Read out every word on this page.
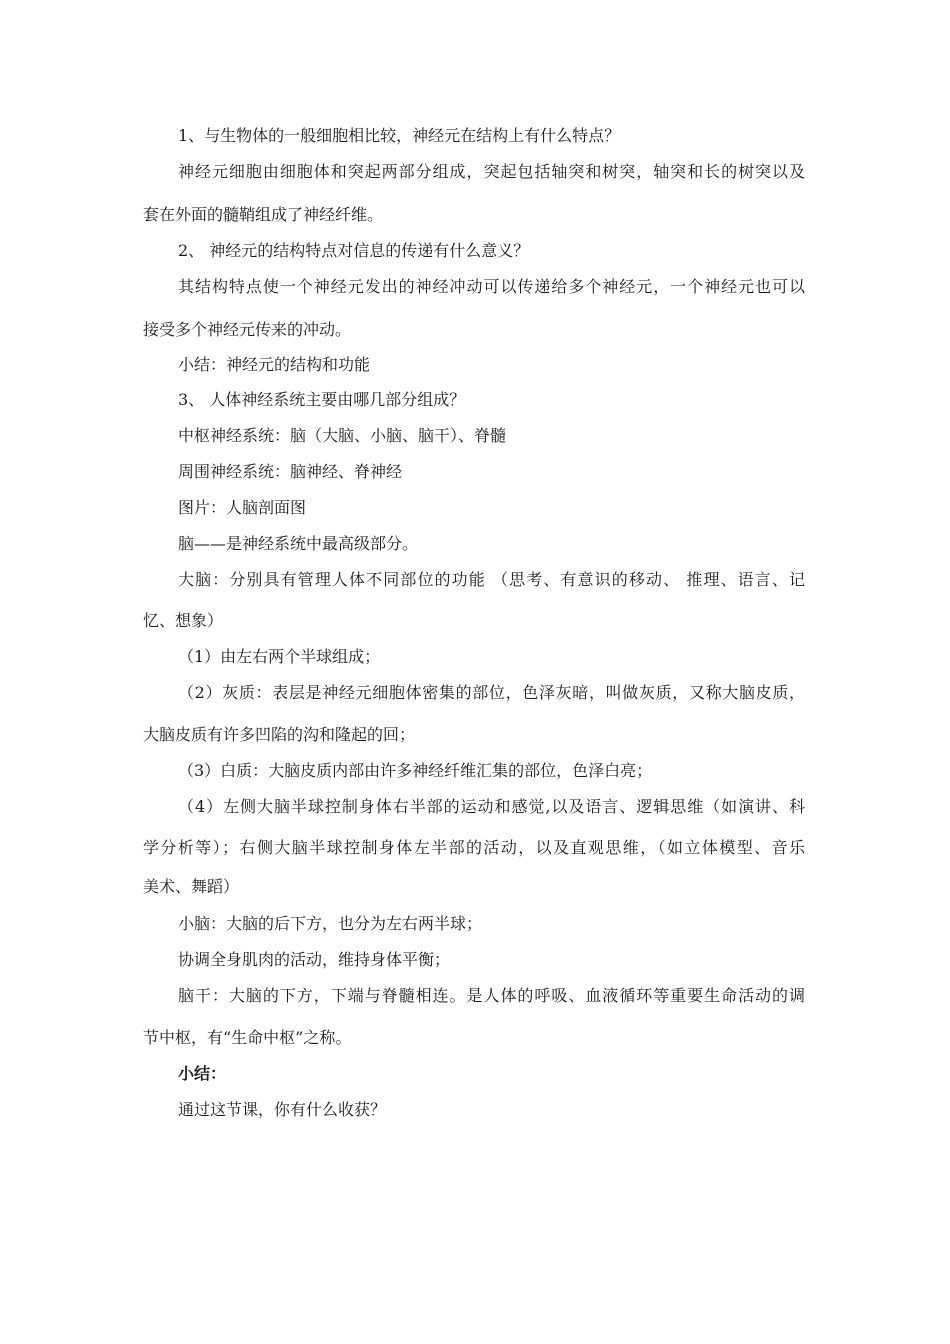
1、与生物体的一般细胞相比较，神经元在结构上有什么特点？
神经元细胞由细胞体和突起两部分组成，突起包括轴突和树突，轴突和长的树突以及
套在外面的髓鞘组成了神经纤维。
2、 神经元的结构特点对信息的传递有什么意义？
其结构特点使一个神经元发出的神经冲动可以传递给多个神经元，一个神经元也可以
接受多个神经元传来的冲动。
小结：神经元的结构和功能
3、 人体神经系统主要由哪几部分组成？
中枢神经系统：脑（大脑、小脑、脑干）、脊髓
周围神经系统：脑神经、脊神经
图片：人脑剖面图
脑——是神经系统中最高级部分。
大脑：分别具有管理人体不同部位的功能 （思考、有意识的移动、 推理、语言、记
忆、想象）
（1）由左右两个半球组成；
（2）灰质：表层是神经元细胞体密集的部位，色泽灰暗，叫做灰质，又称大脑皮质，
大脑皮质有许多凹陷的沟和隆起的回；
（3）白质：大脑皮质内部由许多神经纤维汇集的部位，色泽白亮；
（4）左侧大脑半球控制身体右半部的运动和感觉,以及语言、逻辑思维（如演讲、科
学分析等）；右侧大脑半球控制身体左半部的活动，以及直观思维，（如立体模型、音乐
美术、舞蹈）
小脑：大脑的后下方，也分为左右两半球；
协调全身肌肉的活动，维持身体平衡；
脑干：大脑的下方，下端与脊髓相连。是人体的呼吸、血液循环等重要生命活动的调
节中枢，有“生命中枢”之称。
小结：
通过这节课，你有什么收获？
